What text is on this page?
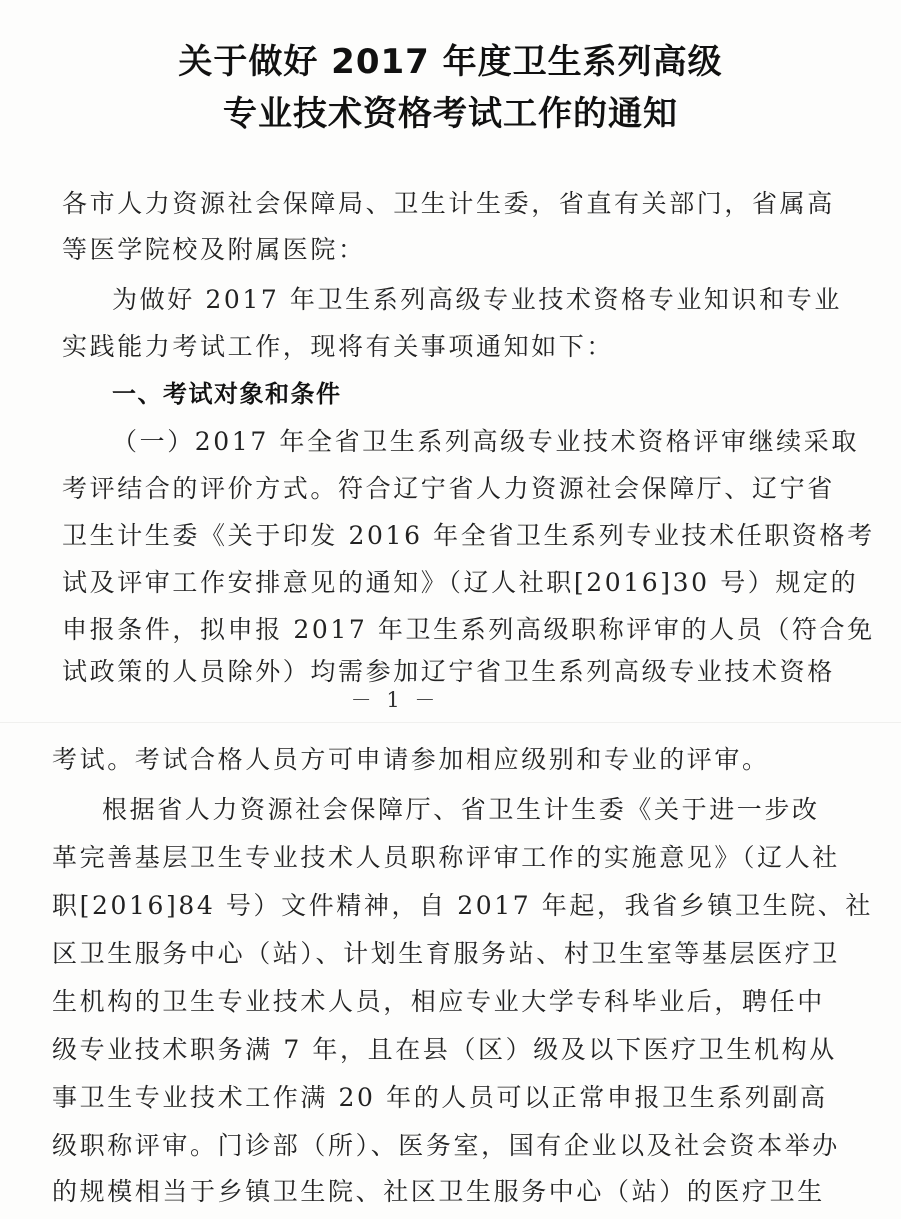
关于做好 2017 年度卫生系列高级
专业技术资格考试工作的通知
各市人力资源社会保障局、卫生计生委，省直有关部门，省属高
等医学院校及附属医院：
为做好 2017 年卫生系列高级专业技术资格专业知识和专业
实践能力考试工作，现将有关事项通知如下：
一、考试对象和条件
（一）2017 年全省卫生系列高级专业技术资格评审继续采取
考评结合的评价方式。符合辽宁省人力资源社会保障厅、辽宁省
卫生计生委《关于印发 2016 年全省卫生系列专业技术任职资格考
试及评审工作安排意见的通知》（辽人社职[2016]30 号）规定的
申报条件，拟申报 2017 年卫生系列高级职称评审的人员（符合免
试政策的人员除外）均需参加辽宁省卫生系列高级专业技术资格
－ 1 －
考试。考试合格人员方可申请参加相应级别和专业的评审。
根据省人力资源社会保障厅、省卫生计生委《关于进一步改
革完善基层卫生专业技术人员职称评审工作的实施意见》（辽人社
职[2016]84 号）文件精神，自 2017 年起，我省乡镇卫生院、社
区卫生服务中心（站）、计划生育服务站、村卫生室等基层医疗卫
生机构的卫生专业技术人员，相应专业大学专科毕业后，聘任中
级专业技术职务满 7 年，且在县（区）级及以下医疗卫生机构从
事卫生专业技术工作满 20 年的人员可以正常申报卫生系列副高
级职称评审。门诊部（所）、医务室，国有企业以及社会资本举办
的规模相当于乡镇卫生院、社区卫生服务中心（站）的医疗卫生
